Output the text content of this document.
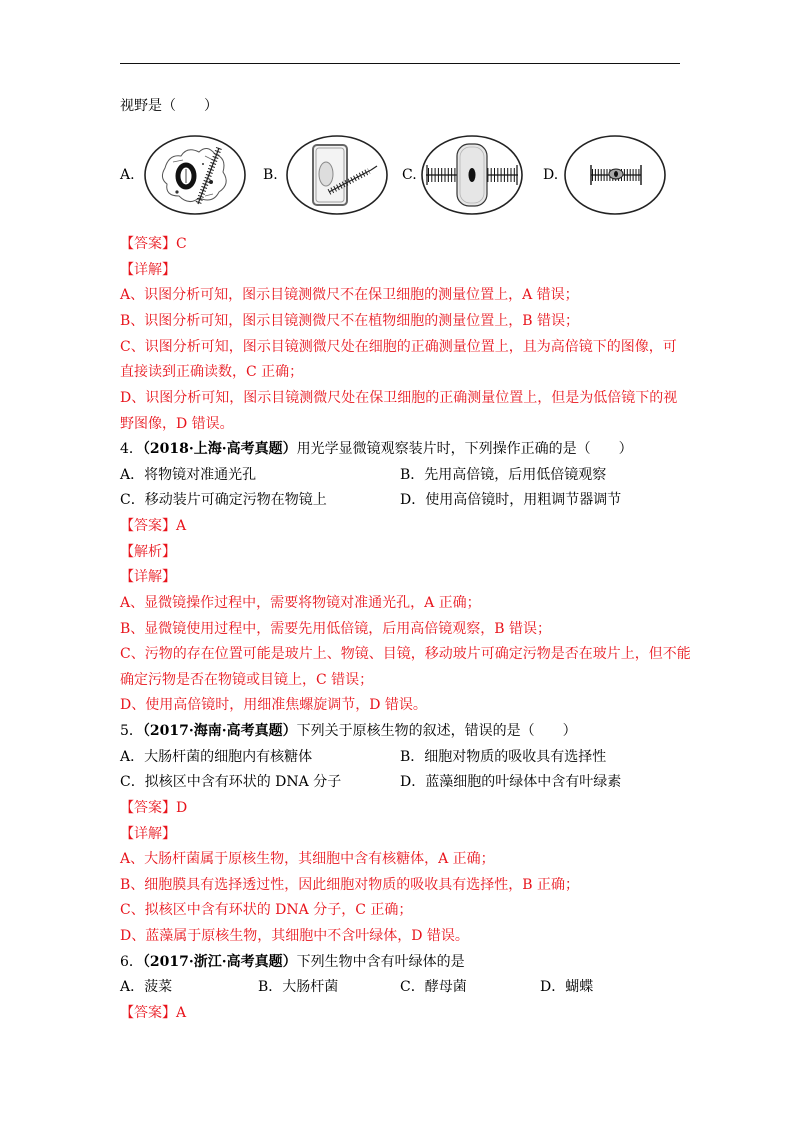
视野是（　　）
A.	B.	C.	D.
【答案】C
【详解】
A、识图分析可知，图示目镜测微尺不在保卫细胞的测量位置上，A 错误；
B、识图分析可知，图示目镜测微尺不在植物细胞的测量位置上，B 错误；
C、识图分析可知，图示目镜测微尺处在细胞的正确测量位置上，且为高倍镜下的图像，可
直接读到正确读数，C 正确；
D、识图分析可知，图示目镜测微尺处在保卫细胞的正确测量位置上，但是为低倍镜下的视
野图像，D 错误。
4．（2018·上海·高考真题）用光学显微镜观察装片时，下列操作正确的是（　　）
A．将物镜对准通光孔	B．先用高倍镜，后用低倍镜观察
C．移动装片可确定污物在物镜上	D．使用高倍镜时，用粗调节器调节
【答案】A
【解析】
【详解】
A、显微镜操作过程中，需要将物镜对准通光孔，A 正确；
B、显微镜使用过程中，需要先用低倍镜，后用高倍镜观察，B 错误；
C、污物的存在位置可能是玻片上、物镜、目镜，移动玻片可确定污物是否在玻片上，但不能
确定污物是否在物镜或目镜上，C 错误；
D、使用高倍镜时，用细准焦螺旋调节，D 错误。
5．（2017·海南·高考真题）下列关于原核生物的叙述，错误的是（　　）
A．大肠杆菌的细胞内有核糖体	B．细胞对物质的吸收具有选择性
C．拟核区中含有环状的 DNA 分子	D．蓝藻细胞的叶绿体中含有叶绿素
【答案】D
【详解】
A、大肠杆菌属于原核生物，其细胞中含有核糖体，A 正确；
B、细胞膜具有选择透过性，因此细胞对物质的吸收具有选择性，B 正确；
C、拟核区中含有环状的 DNA 分子，C 正确；
D、蓝藻属于原核生物，其细胞中不含叶绿体，D 错误。
6．（2017·浙江·高考真题）下列生物中含有叶绿体的是
A．菠菜	B．大肠杆菌	C．酵母菌	D．蝴蝶
【答案】A
